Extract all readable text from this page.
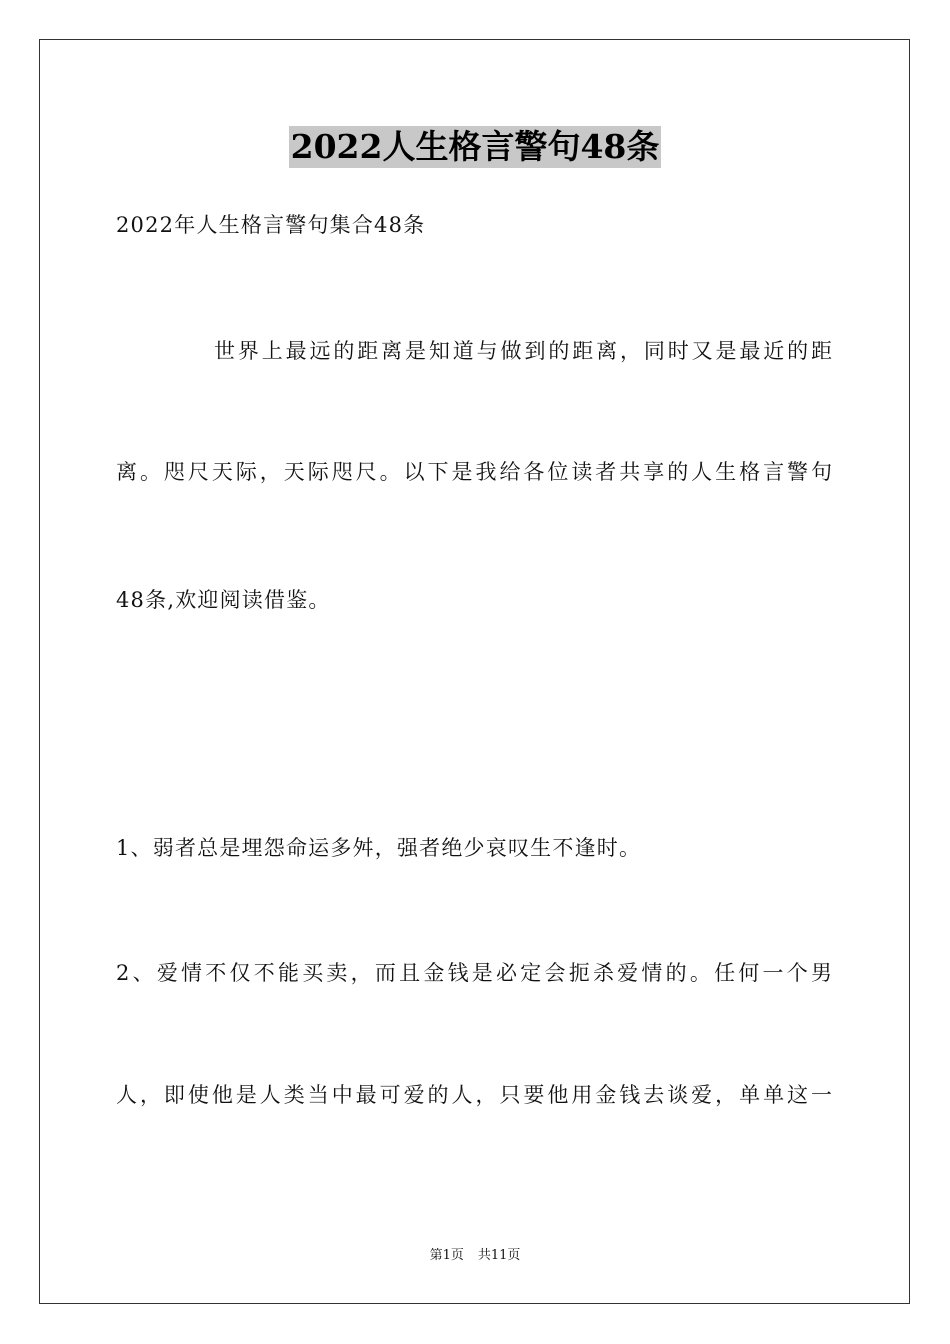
2022人生格言警句48条
2022年人生格言警句集合48条
世界上最远的距离是知道与做到的距离，同时又是最近的距
离。咫尺天际，天际咫尺。以下是我给各位读者共享的人生格言警句
48条,欢迎阅读借鉴。
1、弱者总是埋怨命运多舛，强者绝少哀叹生不逢时。
2、爱情不仅不能买卖，而且金钱是必定会扼杀爱情的。任何一个男
人，即使他是人类当中最可爱的人，只要他用金钱去谈爱，单单这一
第1页 共11页
